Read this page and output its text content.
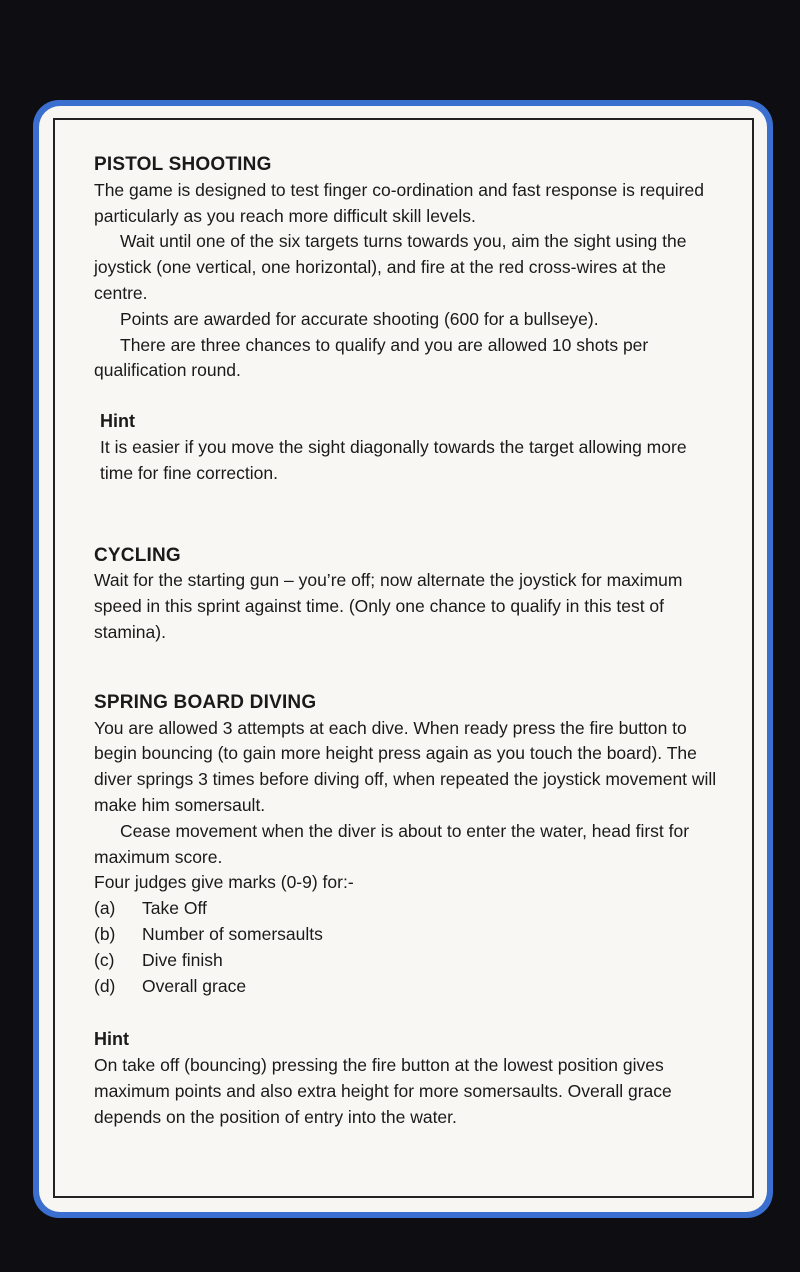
PISTOL SHOOTING

The game is designed to test finger co-ordination and fast response is required particularly as you reach more difficult skill levels.

Wait until one of the six targets turns towards you, aim the sight using the joystick (one vertical, one horizontal), and fire at the red cross-wires at the centre.

Points are awarded for accurate shooting (600 for a bullseye).

There are three chances to qualify and you are allowed 10 shots per qualification round.

Hint

It is easier if you move the sight diagonally towards the target allowing more time for fine correction.

CYCLING

Wait for the starting gun – you’re off; now alternate the joystick for maximum speed in this sprint against time. (Only one chance to qualify in this test of stamina).

SPRING BOARD DIVING

You are allowed 3 attempts at each dive. When ready press the fire button to begin bouncing (to gain more height press again as you touch the board). The diver springs 3 times before diving off, when repeated the joystick movement will make him somersault.

Cease movement when the diver is about to enter the water, head first for maximum score.

Four judges give marks (0-9) for:-

(a)	Take Off
(b)	Number of somersaults
(c)	Dive finish
(d)	Overall grace

Hint

On take off (bouncing) pressing the fire button at the lowest position gives maximum points and also extra height for more somersaults. Overall grace depends on the position of entry into the water.
